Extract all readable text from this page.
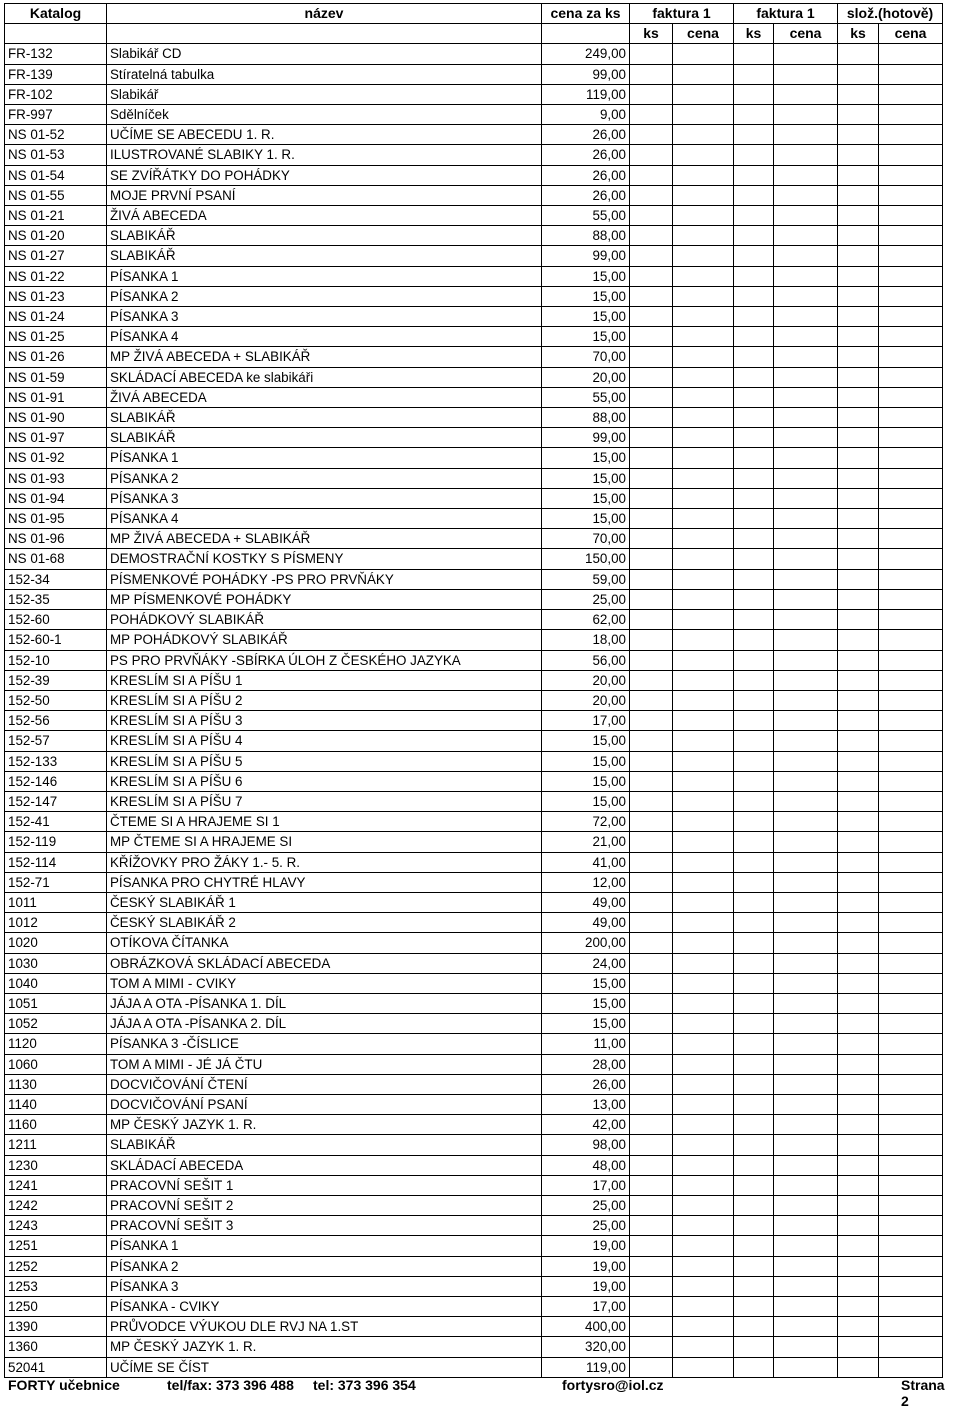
Katalog	název	cena za ks	faktura 1		faktura 1		slož.(hotově)	
			ks	cena	ks	cena	ks	cena
FR-132	Slabikář CD	249,00						
FR-139	Stíratelná tabulka	99,00						
FR-102	Slabikář	119,00						
FR-997	Sdělníček	9,00						
NS 01-52	UČÍME SE ABECEDU 1. R.	26,00						
NS 01-53	ILUSTROVANÉ SLABIKY 1. R.	26,00						
NS 01-54	SE ZVÍŘÁTKY DO POHÁDKY	26,00						
NS 01-55	MOJE PRVNÍ PSANÍ	26,00						
NS 01-21	ŽIVÁ ABECEDA	55,00						
NS 01-20	SLABIKÁŘ	88,00						
NS 01-27	SLABIKÁŘ	99,00						
NS 01-22	PÍSANKA 1	15,00						
NS 01-23	PÍSANKA 2	15,00						
NS 01-24	PÍSANKA 3	15,00						
NS 01-25	PÍSANKA 4	15,00						
NS 01-26	MP ŽIVÁ ABECEDA + SLABIKÁŘ	70,00						
NS 01-59	SKLÁDACÍ ABECEDA ke slabikáři	20,00						
NS 01-91	ŽIVÁ ABECEDA	55,00						
NS 01-90	SLABIKÁŘ	88,00						
NS 01-97	SLABIKÁŘ	99,00						
NS 01-92	PÍSANKA 1	15,00						
NS 01-93	PÍSANKA 2	15,00						
NS 01-94	PÍSANKA 3	15,00						
NS 01-95	PÍSANKA 4	15,00						
NS 01-96	MP ŽIVÁ ABECEDA + SLABIKÁŘ	70,00						
NS 01-68	DEMOSTRAČNÍ KOSTKY S PÍSMENY	150,00						
152-34	PÍSMENKOVÉ POHÁDKY -PS PRO PRVŇÁKY	59,00						
152-35	MP PÍSMENKOVÉ POHÁDKY	25,00						
152-60	POHÁDKOVÝ SLABIKÁŘ	62,00						
152-60-1	MP POHÁDKOVÝ SLABIKÁŘ	18,00						
152-10	PS PRO PRVŇÁKY -SBÍRKA ÚLOH Z ČESKÉHO JAZYKA	56,00						
152-39	KRESLÍM SI A PÍŠU 1	20,00						
152-50	KRESLÍM SI A PÍŠU 2	20,00						
152-56	KRESLÍM SI A PÍŠU 3	17,00						
152-57	KRESLÍM SI A PÍŠU 4	15,00						
152-133	KRESLÍM SI A PÍŠU 5	15,00						
152-146	KRESLÍM SI A PÍŠU 6	15,00						
152-147	KRESLÍM SI A PÍŠU 7	15,00						
152-41	ČTEME SI A HRAJEME SI 1	72,00						
152-119	MP ČTEME SI A HRAJEME SI	21,00						
152-114	KŘÍŽOVKY PRO ŽÁKY 1.- 5. R.	41,00						
152-71	PÍSANKA PRO CHYTRÉ HLAVY	12,00						
1011	ČESKÝ SLABIKÁŘ 1	49,00						
1012	ČESKÝ SLABIKÁŘ 2	49,00						
1020	OTÍKOVA ČÍTANKA	200,00						
1030	OBRÁZKOVÁ SKLÁDACÍ ABECEDA	24,00						
1040	TOM A MIMI - CVIKY	15,00						
1051	JÁJA A OTA -PÍSANKA 1. DÍL	15,00						
1052	JÁJA A OTA -PÍSANKA 2. DÍL	15,00						
1120	PÍSANKA 3 -ČÍSLICE	11,00						
1060	TOM A MIMI - JÉ JÁ ČTU	28,00						
1130	DOCVIČOVÁNÍ ČTENÍ	26,00						
1140	DOCVIČOVÁNÍ PSANÍ	13,00						
1160	MP ČESKÝ JAZYK 1. R.	42,00						
1211	SLABIKÁŘ	98,00						
1230	SKLÁDACÍ ABECEDA	48,00						
1241	PRACOVNÍ SEŠIT 1	17,00						
1242	PRACOVNÍ SEŠIT 2	25,00						
1243	PRACOVNÍ SEŠIT 3	25,00						
1251	PÍSANKA 1	19,00						
1252	PÍSANKA 2	19,00						
1253	PÍSANKA 3	19,00						
1250	PÍSANKA - CVIKY	17,00						
1390	PRŮVODCE VÝUKOU DLE RVJ NA 1.ST	400,00						
1360	MP ČESKÝ JAZYK 1. R.	320,00						
52041	UČÍME SE ČÍST	119,00						
FORTY učebnice	tel/fax: 373 396 488 tel: 373 396 354	fortysro@iol.cz	Strana 2
